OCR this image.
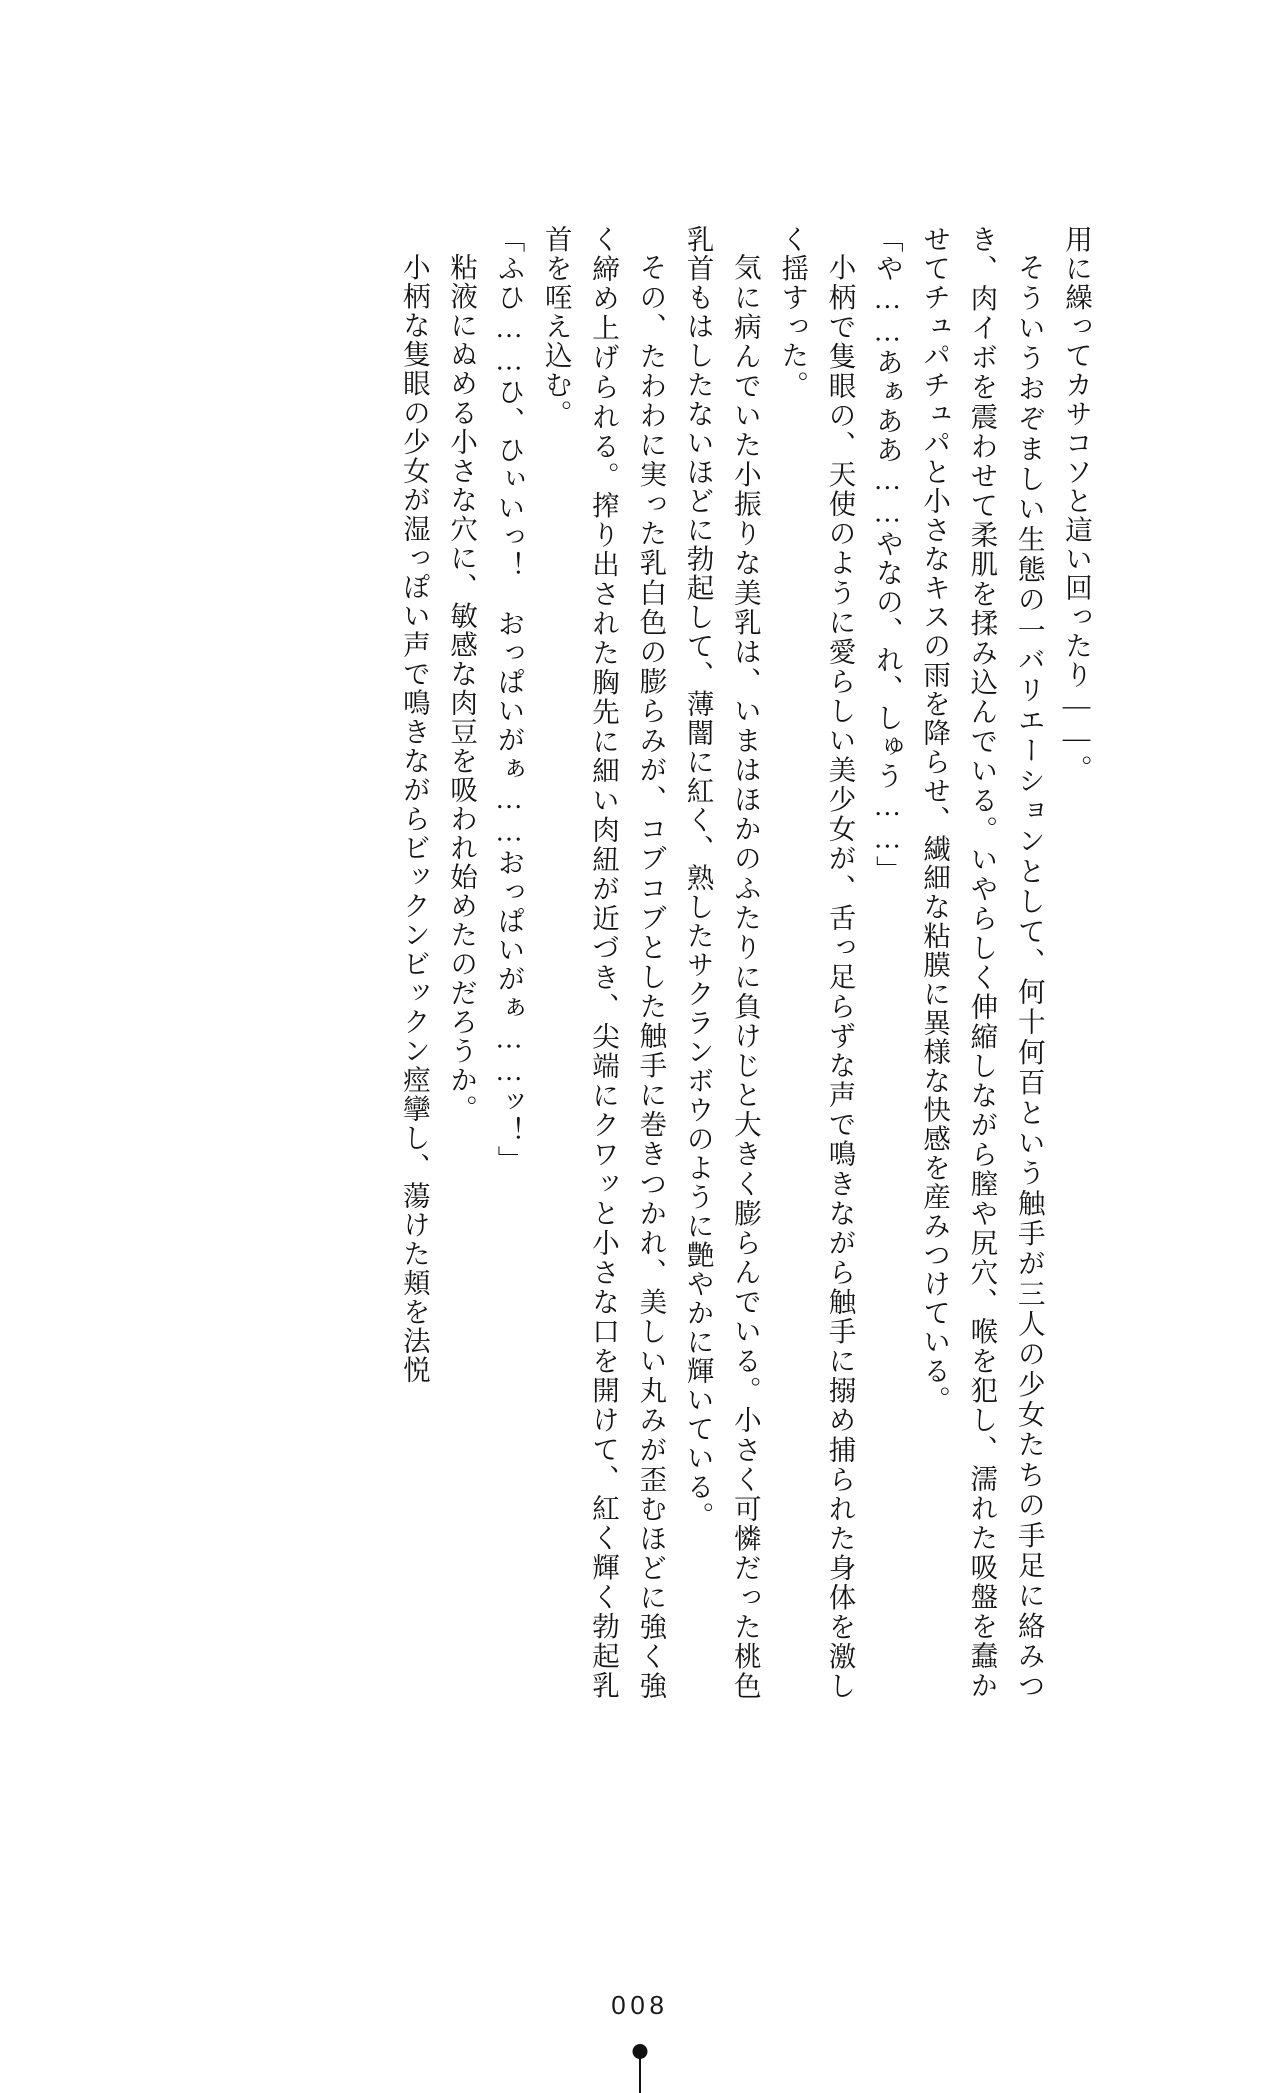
用に繰ってカサコソと這い回ったり——。

そういうおぞましい生態の一バリエーションとして、何十何百という触手が三人の少女たちの手足に絡みつき、肉イボを震わせて柔肌を揉み込んでいる。いやらしく伸縮しながら膣や尻穴、喉を犯し、濡れた吸盤を蠢かせてチュパチュパと小さなキスの雨を降らせ、繊細な粘膜に異様な快感を産みつけている。

「や……あぁああ……やなの、れ、しゅう……」

小柄で隻眼の、天使のように愛らしい美少女が、舌っ足らずな声で鳴きながら触手に搦め捕られた身体を激しく揺すった。

気に病んでいた小振りな美乳は、いまはほかのふたりに負けじと大きく膨らんでいる。小さく可憐だった桃色乳首もはしたないほどに勃起して、薄闇に紅く、熟したサクランボウのように艶やかに輝いている。

その、たわわに実った乳白色の膨らみが、コブコブとした触手に巻きつかれ、美しい丸みが歪むほどに強く強く締め上げられる。搾り出された胸先に細い肉紐が近づき、尖端にクワッと小さな口を開けて、紅く輝く勃起乳首を咥え込む。

「ふひ……ひ、ひぃいっ！　おっぱいがぁ……おっぱいがぁ……ッ！」

粘液にぬめる小さな穴に、敏感な肉豆を吸われ始めたのだろうか。

小柄な隻眼の少女が湿っぽい声で鳴きながらビックンビックン痙攣し、蕩けた頬を法悦

008
